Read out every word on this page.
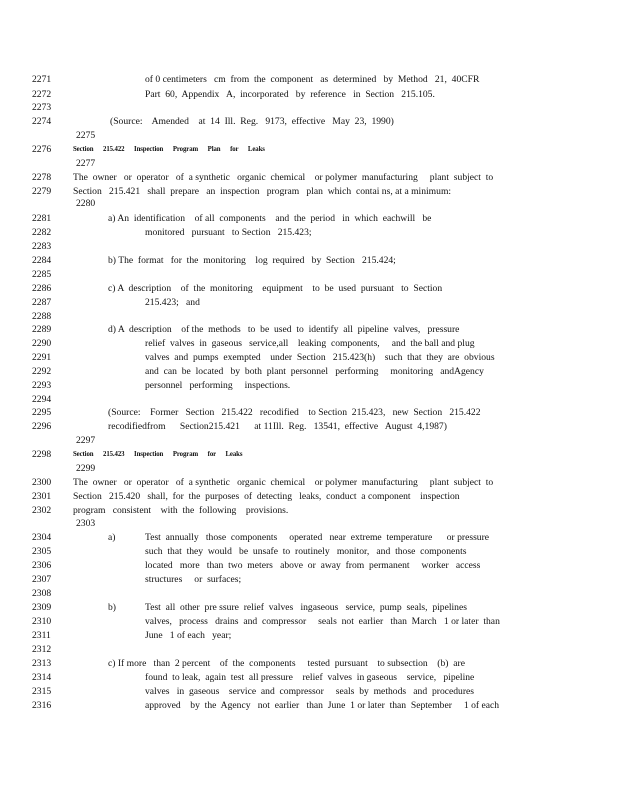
2271	of 0 centimeters   cm  from  the  component   as  determined   by  Method   21,  40CFR
2272	Part  60,  Appendix   A,  incorporated   by  reference   in  Section   215.105.
2273
2274	(Source:    Amended    at  14  Ill.  Reg.   9173,  effective   May  23,  1990)
2275
2276	Section      215.422      Inspection      Program      Plan      for      Leaks
2277
2278 The  owner   or  operator   of  a synthetic   organic  chemical    or polymer  manufacturing     plant  subject  to
2279 Section   215.421   shall  prepare   an  inspection   program   plan  which  contai ns, at a minimum:
2280
2281	a) An  identification    of all  components    and  the  period   in  which  eachwill   be
2282	monitored   pursuant   to Section   215.423;
2283
2284	b) The  format   for  the  monitoring    log  required   by  Section   215.424;
2285
2286	c) A  description    of  the  monitoring    equipment    to  be  used  pursuant   to  Section
2287	215.423;   and
2288
2289	d) A  description    of the  methods   to  be  used  to  identify  all  pipeline  valves,   pressure
2290	relief  valves  in  gaseous   service,all    leaking  components,     and  the ball and plug
2291	valves  and  pumps  exempted    under  Section   215.423(h)    such  that  they  are  obvious
2292	and  can  be  located   by  both  plant  personnel   performing     monitoring   andAgency
2293	personnel   performing     inspections.
2294
2295	(Source:    Former   Section   215.422   recodified    to Section  215.423,   new  Section   215.422
2296	recodifiedfrom      Section215.421      at 11Ill.  Reg.   13541,  effective   August  4,1987)
2297
2298	Section      215.423      Inspection      Program      for      Leaks
2299
2300 The  owner   or  operator   of  a synthetic   organic  chemical    or polymer  manufacturing     plant  subject  to
2301 Section   215.420   shall,  for  the  purposes  of  detecting   leaks,  conduct  a component    inspection
2302 program   consistent    with  the  following    provisions.
2303
2304	a)	Test  annually   those  components     operated   near  extreme  temperature      or pressure
2305	such  that  they  would   be  unsafe  to  routinely   monitor,   and  those  components
2306	located   more   than  two  meters   above  or  away  from  permanent     worker   access
2307	structures     or  surfaces;
2308
2309	b)	Test  all  other  pre ssure  relief  valves   ingaseous   service,  pump  seals,  pipelines
2310	valves,   process   drains  and  compressor     seals  not  earlier   than  March   1 or later  than
2311	June   1 of each   year;
2312
2313	c) If more   than  2 percent    of  the  components     tested  pursuant    to subsection    (b)  are
2314	found  to leak,  again  test  all pressure    relief  valves  in gaseous    service,   pipeline
2315	valves   in  gaseous    service  and  compressor     seals  by  methods   and  procedures
2316	approved    by  the  Agency   not  earlier   than  June  1 or later  than  September     1 of each
